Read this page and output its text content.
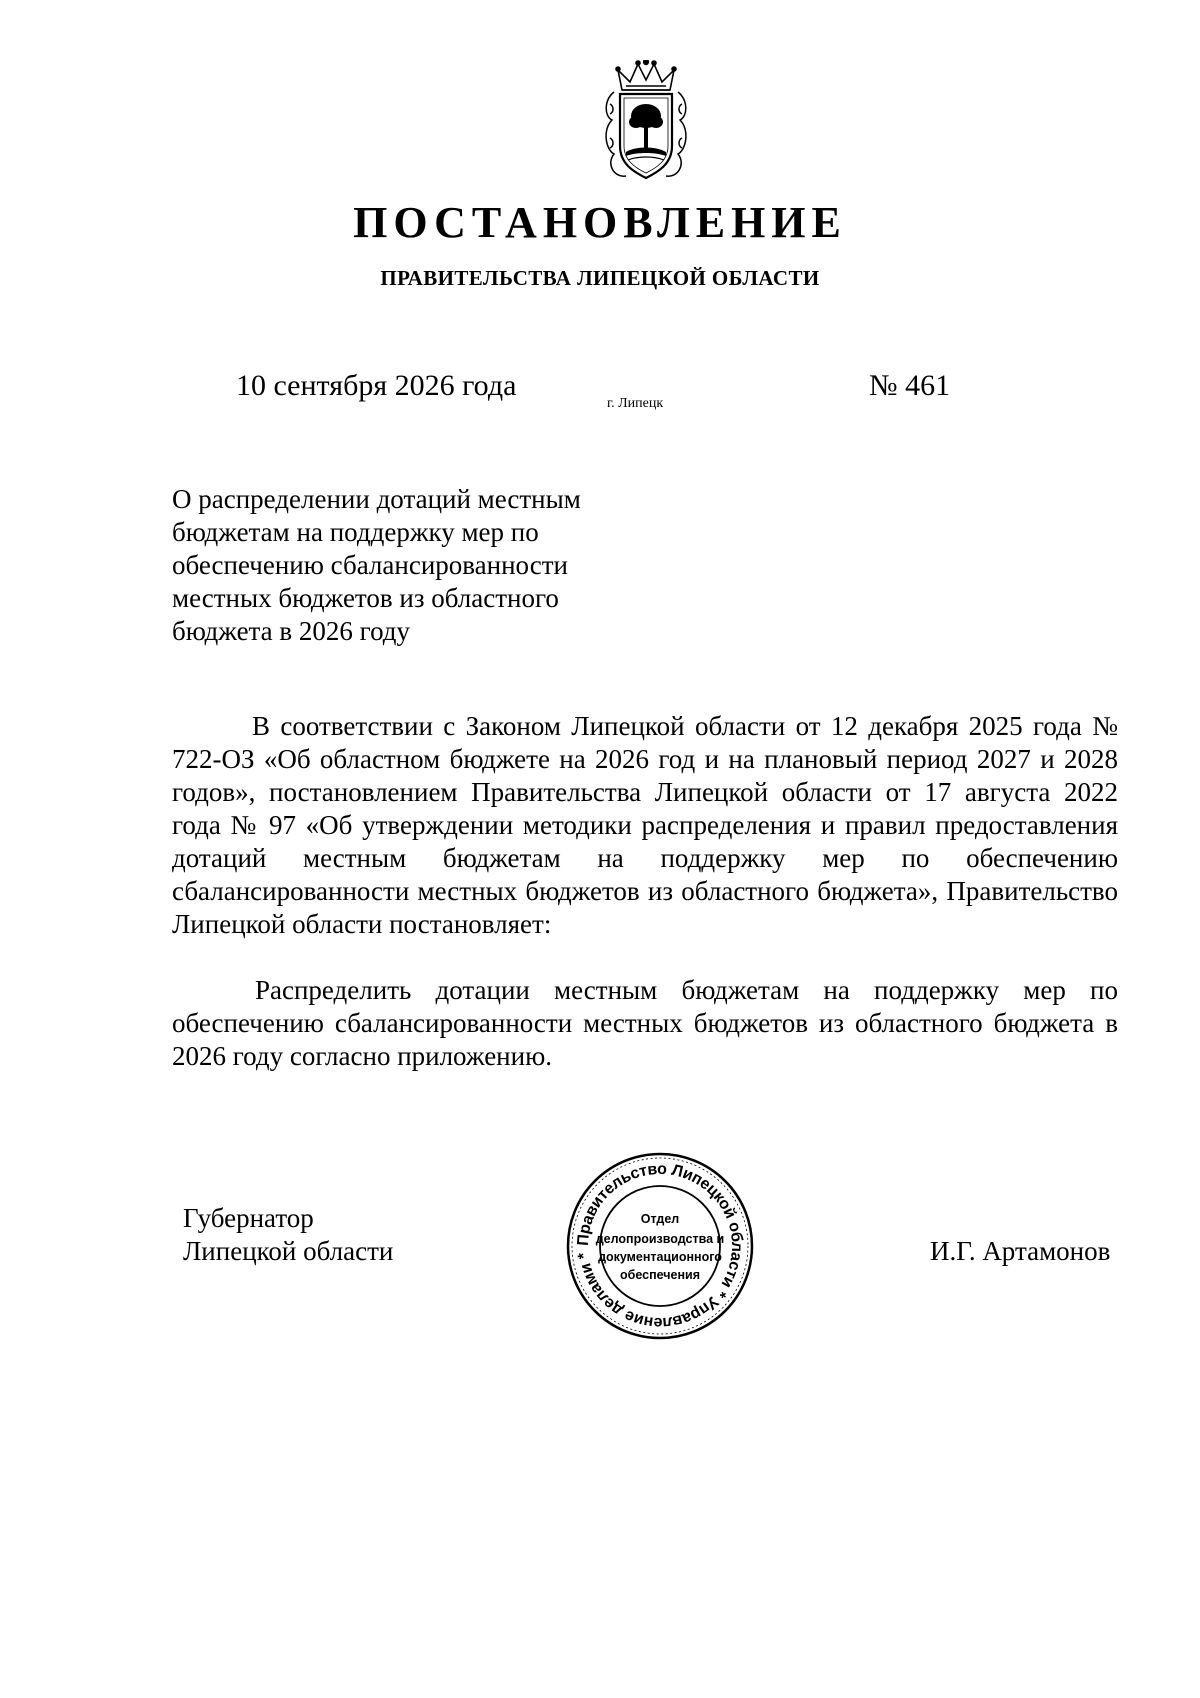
ПОСТАНОВЛЕНИЕ
ПРАВИТЕЛЬСТВА ЛИПЕЦКОЙ ОБЛАСТИ
10 сентября 2026 года
г. Липецк
№ 461
О распределении дотаций местным
бюджетам на поддержку мер по
обеспечению сбалансированности
местных бюджетов из областного
бюджета в 2026 году

В соответствии с Законом Липецкой области от 12 декабря 2025 года № 722-ОЗ «Об областном бюджете на 2026 год и на плановый период 2027 и 2028 годов», постановлением Правительства Липецкой области от 17 августа 2022 года № 97 «Об утверждении методики распределения и правил предоставления дотаций местным бюджетам на поддержку мер по обеспечению сбалансированности местных бюджетов из областного бюджета», Правительство Липецкой области постановляет:

Распределить дотации местным бюджетам на поддержку мер по обеспечению сбалансированности местных бюджетов из областного бюджета в 2026 году согласно приложению.

Губернатор
Липецкой области	Правительство Липецкой области * Управление делами *
Отдел
делопроизводства и
документационного
обеспечения
И.Г. Артамонов
